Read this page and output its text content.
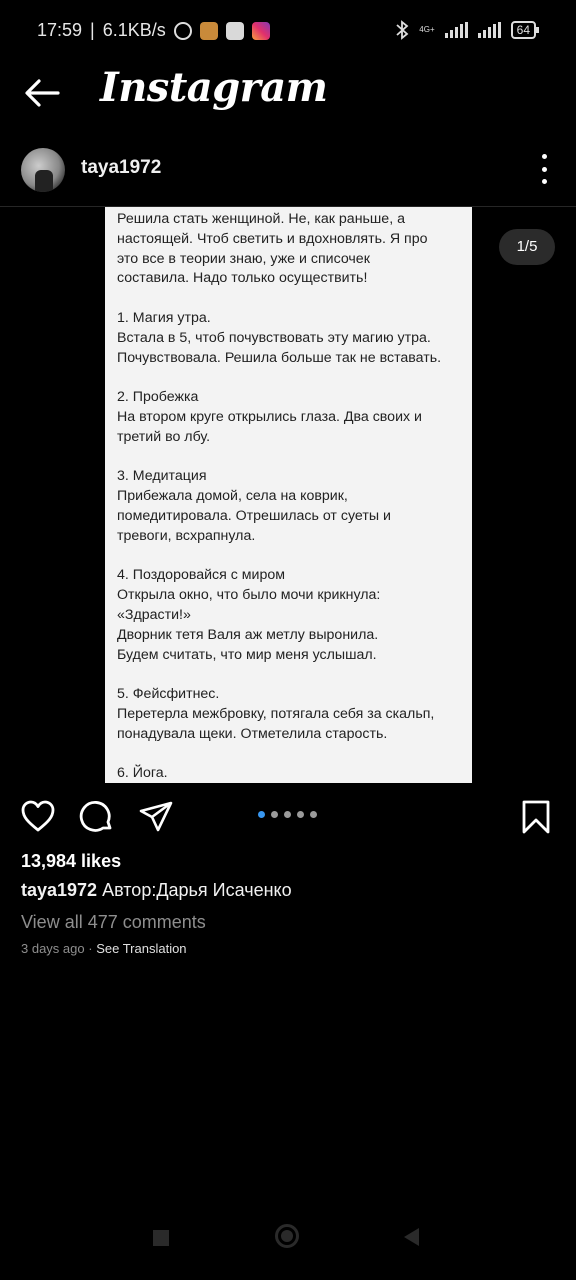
17:59 | 6.1KB/s	4G+	64
Instagram
taya1972
Решила стать женщиной. Не, как раньше, а
настоящей. Чтоб светить и вдохновлять. Я про
это все в теории знаю, уже и списочек
составила. Надо только осуществить!

1. Магия утра.
Встала в 5, чтоб почувствовать эту магию утра.
Почувствовала. Решила больше так не вставать.

2. Пробежка
На втором круге открылись глаза. Два своих и
третий во лбу.

3. Медитация
Прибежала домой, села на коврик,
помедитировала. Отрешилась от суеты и
тревоги, всхрапнула.

4. Поздоровайся с миром
Открыла окно, что было мочи крикнула:
«Здрасти!»
Дворник тетя Валя аж метлу выронила.
Будем считать, что мир меня услышал.

5. Фейсфитнес.
Перетерла межбровку, потягала себя за скальп,
понадувала щеки. Отметелила старость.

6. Йога.
1/5
13,984 likes
taya1972 Автор:Дарья Исаченко
View all 477 comments
3 days ago · See Translation
